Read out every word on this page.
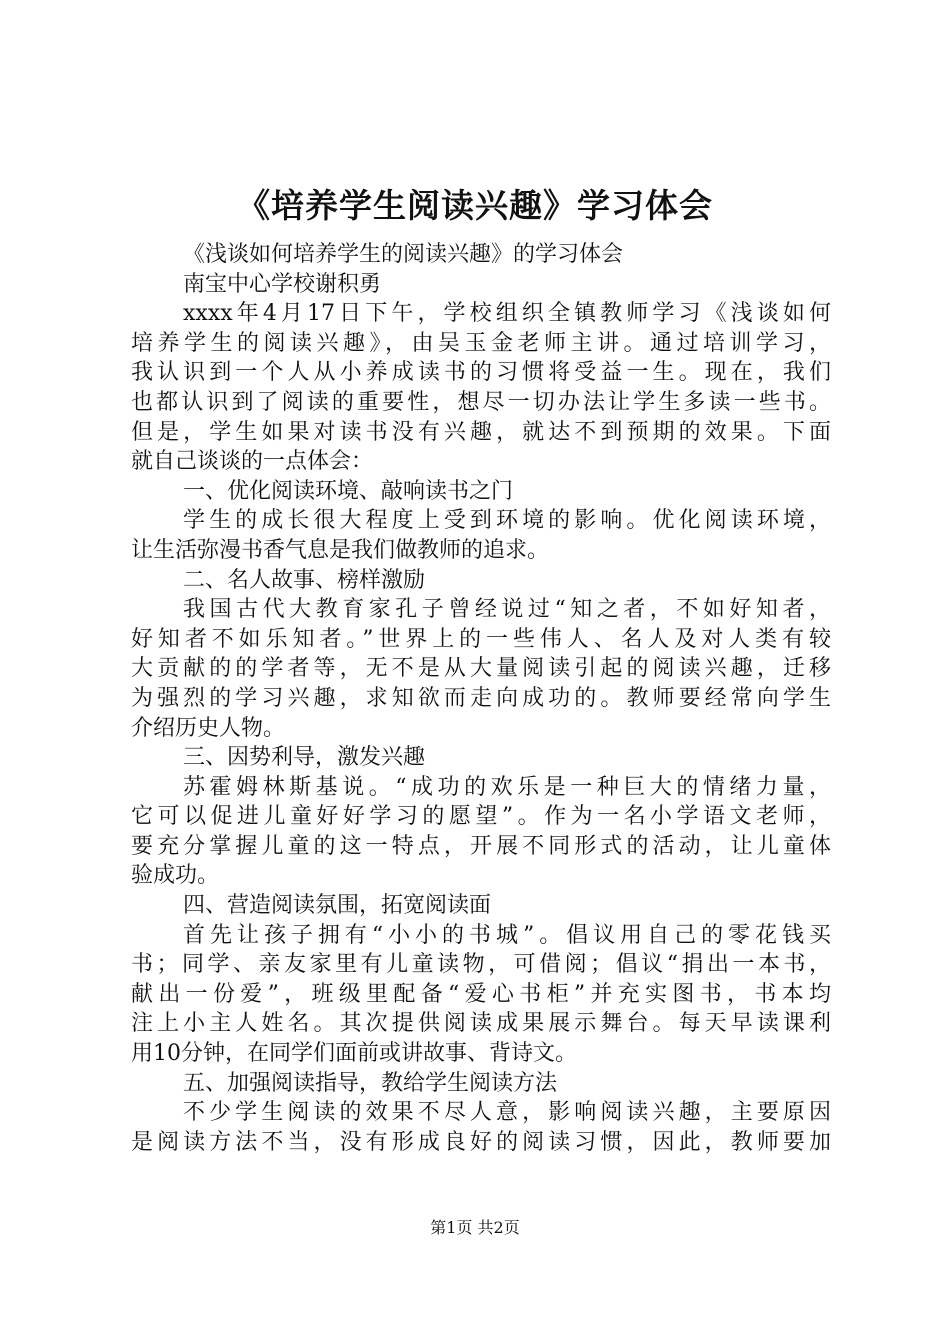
《培养学生阅读兴趣》学习体会
《浅谈如何培养学生的阅读兴趣》的学习体会
南宝中心学校谢积勇
xxxx年4月17日下午，学校组织全镇教师学习《浅谈如何
培养学生的阅读兴趣》，由吴玉金老师主讲。通过培训学习，
我认识到一个人从小养成读书的习惯将受益一生。现在，我们
也都认识到了阅读的重要性，想尽一切办法让学生多读一些书。
但是，学生如果对读书没有兴趣，就达不到预期的效果。下面
就自己谈谈的一点体会：
一、优化阅读环境、敲响读书之门
学生的成长很大程度上受到环境的影响。优化阅读环境，
让生活弥漫书香气息是我们做教师的追求。
二、名人故事、榜样激励
我国古代大教育家孔子曾经说过“知之者，不如好知者，
好知者不如乐知者。”世界上的一些伟人、名人及对人类有较
大贡献的的学者等，无不是从大量阅读引起的阅读兴趣，迁移
为强烈的学习兴趣，求知欲而走向成功的。教师要经常向学生
介绍历史人物。
三、因势利导，激发兴趣
苏霍姆林斯基说。“成功的欢乐是一种巨大的情绪力量，
它可以促进儿童好好学习的愿望”。作为一名小学语文老师，
要充分掌握儿童的这一特点，开展不同形式的活动，让儿童体
验成功。
四、营造阅读氛围，拓宽阅读面
首先让孩子拥有“小小的书城”。倡议用自己的零花钱买
书；同学、亲友家里有儿童读物，可借阅；倡议“捐出一本书，
献出一份爱”，班级里配备“爱心书柜”并充实图书，书本均
注上小主人姓名。其次提供阅读成果展示舞台。每天早读课利
用10分钟，在同学们面前或讲故事、背诗文。
五、加强阅读指导，教给学生阅读方法
不少学生阅读的效果不尽人意，影响阅读兴趣，主要原因
是阅读方法不当，没有形成良好的阅读习惯，因此，教师要加
第1页 共2页
